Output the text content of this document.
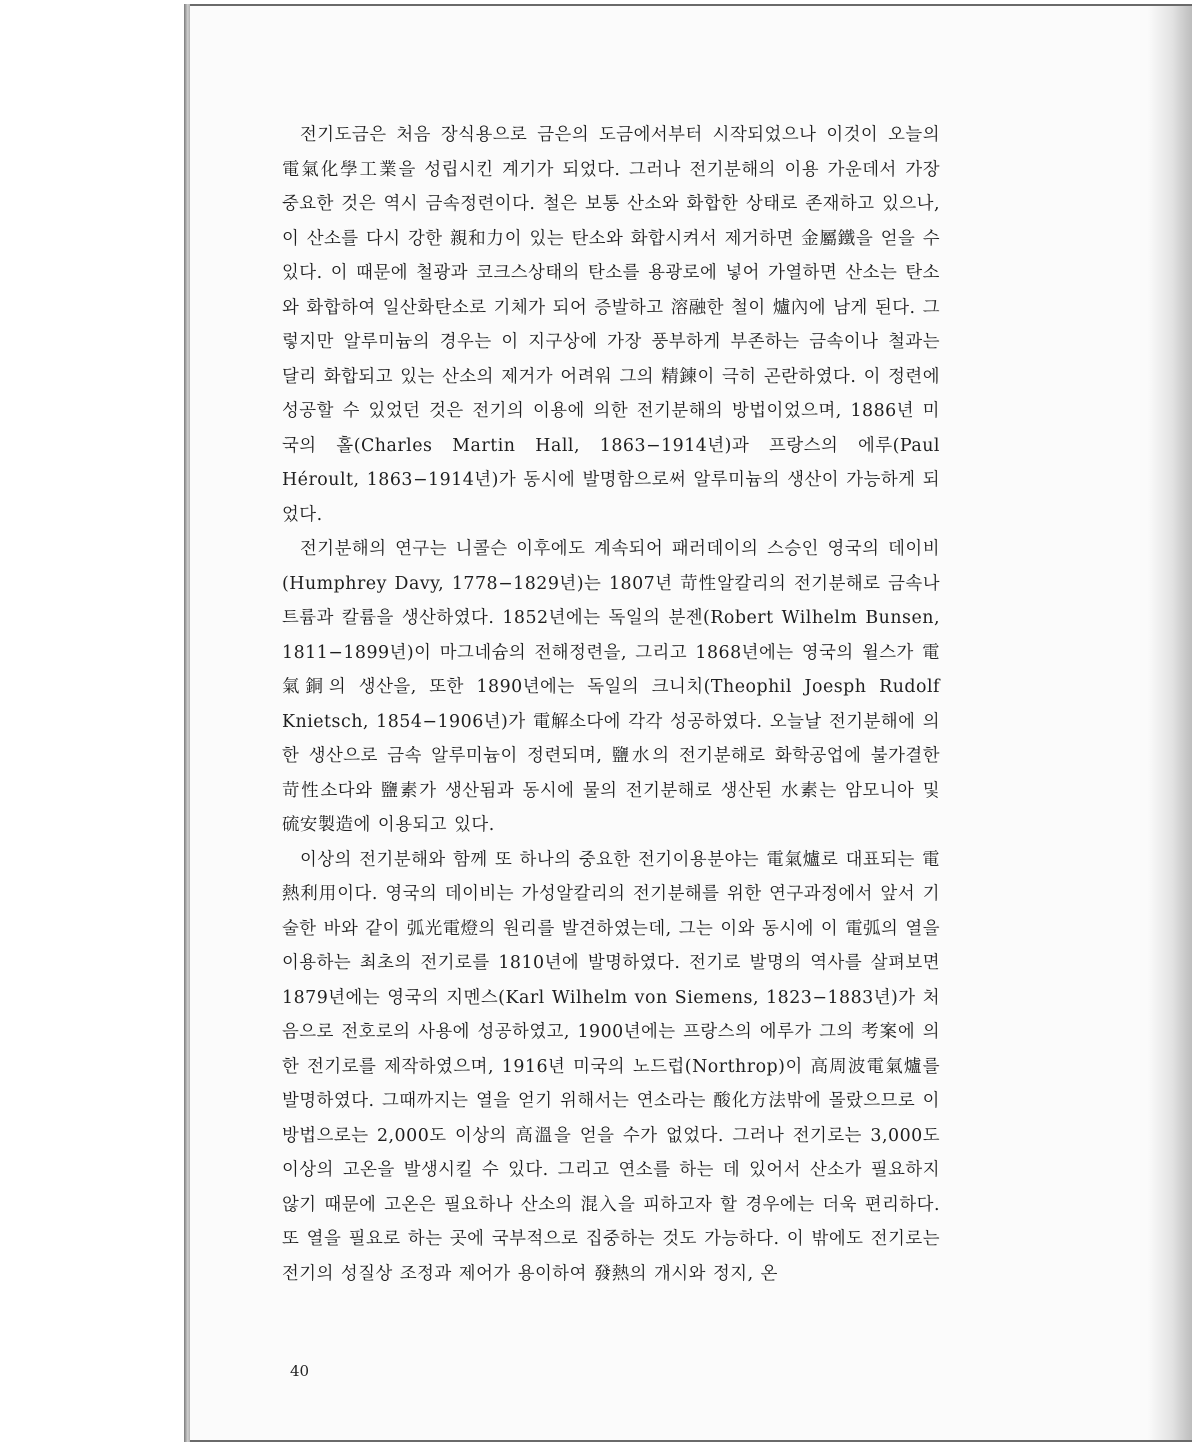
전기도금은 처음 장식용으로 금은의 도금에서부터 시작되었으나 이것이 오늘의 電氣化學工業을 성립시킨 계기가 되었다. 그러나 전기분해의 이용 가운데서 가장 중요한 것은 역시 금속정련이다. 철은 보통 산소와 화합한 상태로 존재하고 있으나, 이 산소를 다시 강한 親和力이 있는 탄소와 화합시켜서 제거하면 金屬鐵을 얻을 수 있다. 이 때문에 철광과 코크스상태의 탄소를 용광로에 넣어 가열하면 산소는 탄소와 화합하여 일산화탄소로 기체가 되어 증발하고 溶融한 철이 爐內에 남게 된다. 그렇지만 알루미늄의 경우는 이 지구상에 가장 풍부하게 부존하는 금속이나 철과는 달리 화합되고 있는 산소의 제거가 어려워 그의 精鍊이 극히 곤란하였다. 이 정련에 성공할 수 있었던 것은 전기의 이용에 의한 전기분해의 방법이었으며, 1886년 미국의 홀(Charles Martin Hall, 1863−1914년)과 프랑스의 에루(Paul Héroult, 1863−1914년)가 동시에 발명함으로써 알루미늄의 생산이 가능하게 되었다.

전기분해의 연구는 니콜슨 이후에도 계속되어 패러데이의 스승인 영국의 데이비(Humphrey Davy, 1778−1829년)는 1807년 苛性알칼리의 전기분해로 금속나트륨과 칼륨을 생산하였다. 1852년에는 독일의 분젠(Robert Wilhelm Bunsen, 1811−1899년)이 마그네슘의 전해정련을, 그리고 1868년에는 영국의 윌스가 電氣銅의 생산을, 또한 1890년에는 독일의 크니치(Theophil Joesph Rudolf Knietsch, 1854−1906년)가 電解소다에 각각 성공하였다. 오늘날 전기분해에 의한 생산으로 금속 알루미늄이 정련되며, 鹽水의 전기분해로 화학공업에 불가결한 苛性소다와 鹽素가 생산됨과 동시에 물의 전기분해로 생산된 水素는 암모니아 및 硫安製造에 이용되고 있다.

이상의 전기분해와 함께 또 하나의 중요한 전기이용분야는 電氣爐로 대표되는 電熱利用이다. 영국의 데이비는 가성알칼리의 전기분해를 위한 연구과정에서 앞서 기술한 바와 같이 弧光電燈의 원리를 발견하였는데, 그는 이와 동시에 이 電弧의 열을 이용하는 최초의 전기로를 1810년에 발명하였다. 전기로 발명의 역사를 살펴보면 1879년에는 영국의 지멘스(Karl Wilhelm von Siemens, 1823−1883년)가 처음으로 전호로의 사용에 성공하였고, 1900년에는 프랑스의 에루가 그의 考案에 의한 전기로를 제작하였으며, 1916년 미국의 노드럽(Northrop)이 高周波電氣爐를 발명하였다. 그때까지는 열을 얻기 위해서는 연소라는 酸化方法밖에 몰랐으므로 이 방법으로는 2,000도 이상의 高溫을 얻을 수가 없었다. 그러나 전기로는 3,000도 이상의 고온을 발생시킬 수 있다. 그리고 연소를 하는 데 있어서 산소가 필요하지 않기 때문에 고온은 필요하나 산소의 混入을 피하고자 할 경우에는 더욱 편리하다. 또 열을 필요로 하는 곳에 국부적으로 집중하는 것도 가능하다. 이 밖에도 전기로는 전기의 성질상 조정과 제어가 용이하여 發熱의 개시와 정지, 온

40
